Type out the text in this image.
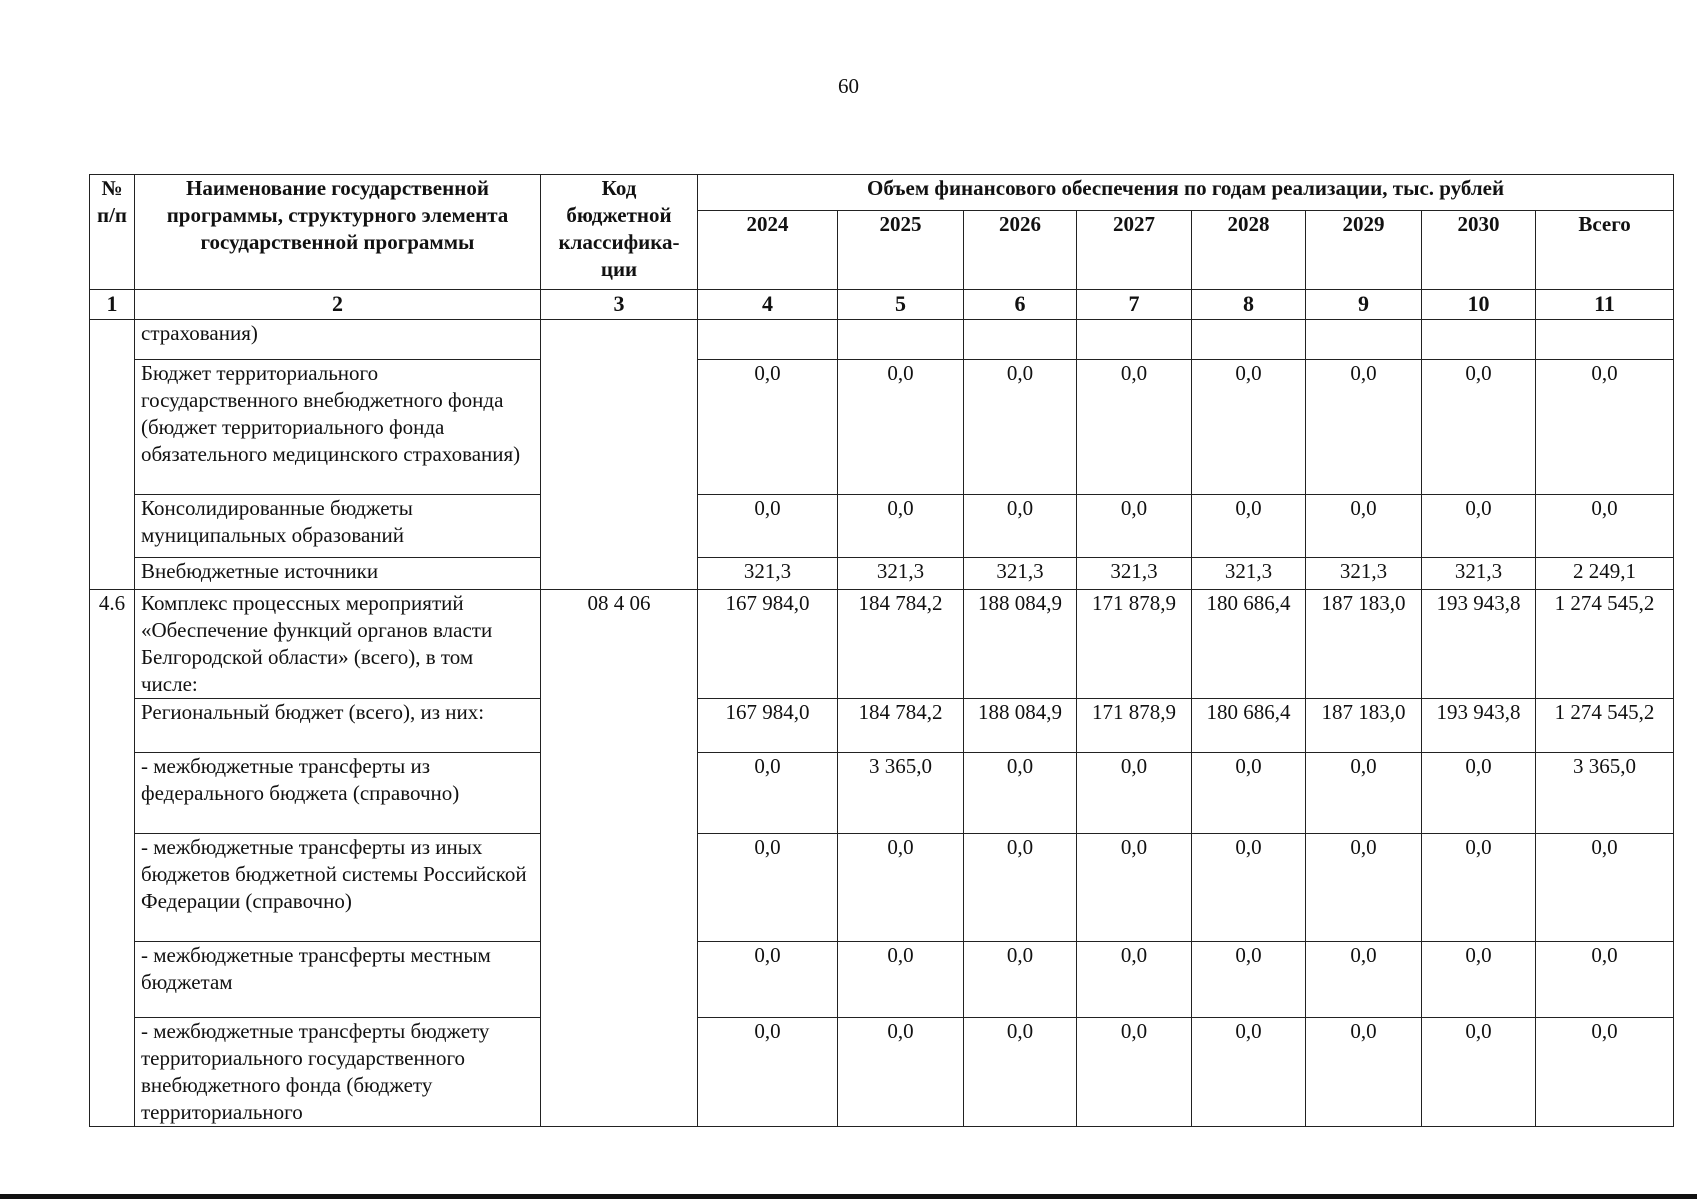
60
№ п/п	Наименование государственной программы, структурного элемента государственной программы	Код бюджетной классифика-ции	Объем финансового обеспечения по годам реализации, тыс. рублей							
			2024	2025	2026	2027	2028	2029	2030	Всего
1	2	3	4	5	6	7	8	9	10	11
	страхования)									
	Бюджет территориального государственного внебюджетного фонда (бюджет территориального фонда обязательного медицинского страхования)		0,0	0,0	0,0	0,0	0,0	0,0	0,0	0,0
	Консолидированные бюджеты муниципальных образований		0,0	0,0	0,0	0,0	0,0	0,0	0,0	0,0
	Внебюджетные источники		321,3	321,3	321,3	321,3	321,3	321,3	321,3	2 249,1
4.6	Комплекс процессных мероприятий «Обеспечение функций органов власти Белгородской области» (всего), в том числе:	08 4 06	167 984,0	184 784,2	188 084,9	171 878,9	180 686,4	187 183,0	193 943,8	1 274 545,2
	Региональный бюджет (всего), из них:		167 984,0	184 784,2	188 084,9	171 878,9	180 686,4	187 183,0	193 943,8	1 274 545,2
	- межбюджетные трансферты из федерального бюджета (справочно)		0,0	3 365,0	0,0	0,0	0,0	0,0	0,0	3 365,0
	- межбюджетные трансферты из иных бюджетов бюджетной системы Российской Федерации (справочно)		0,0	0,0	0,0	0,0	0,0	0,0	0,0	0,0
	- межбюджетные трансферты местным бюджетам		0,0	0,0	0,0	0,0	0,0	0,0	0,0	0,0
	- межбюджетные трансферты бюджету территориального государственного внебюджетного фонда (бюджету территориального		0,0	0,0	0,0	0,0	0,0	0,0	0,0	0,0
